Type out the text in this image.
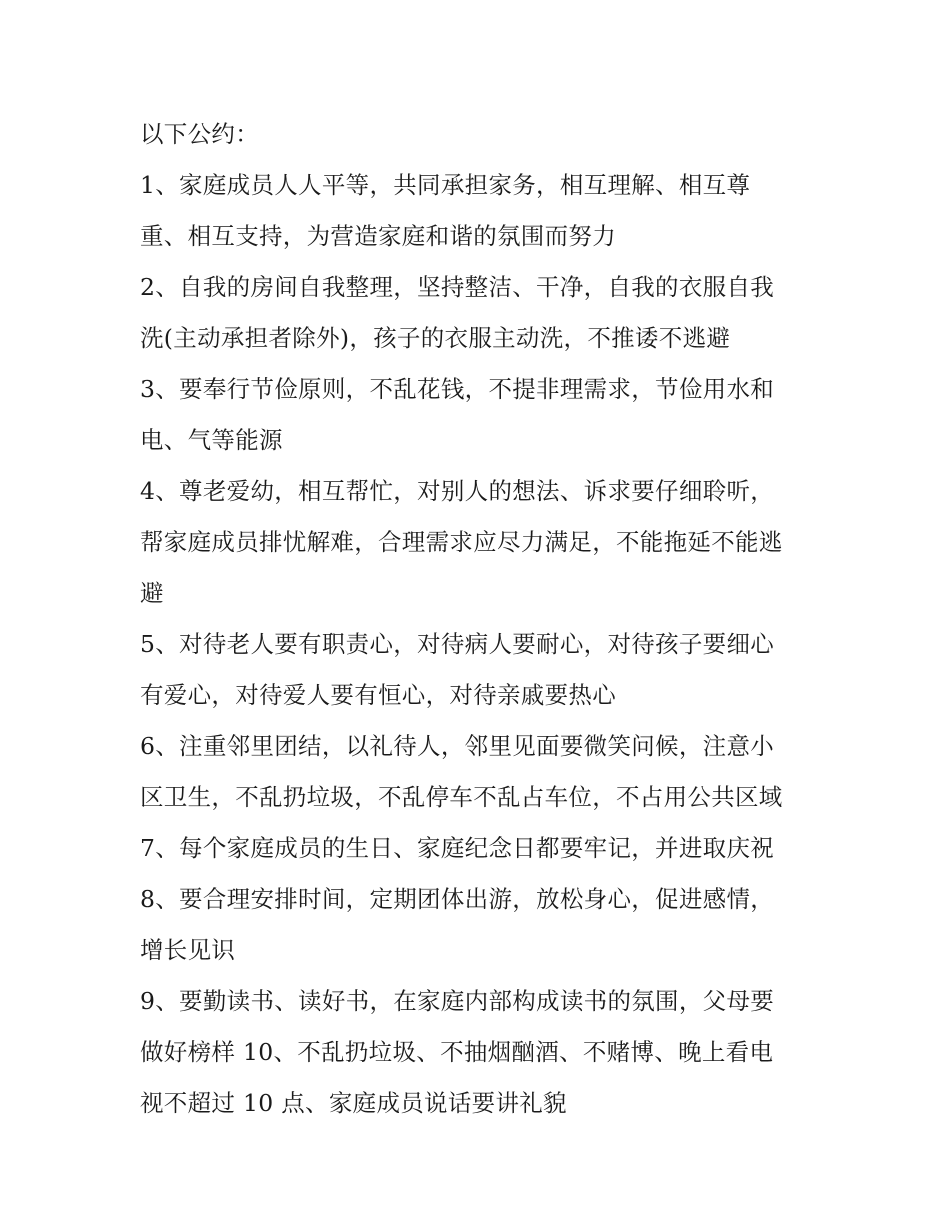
以下公约：
1、家庭成员人人平等，共同承担家务，相互理解、相互尊
重、相互支持，为营造家庭和谐的氛围而努力
2、自我的房间自我整理，坚持整洁、干净，自我的衣服自我
洗(主动承担者除外)，孩子的衣服主动洗，不推诿不逃避
3、要奉行节俭原则，不乱花钱，不提非理需求，节俭用水和
电、气等能源
4、尊老爱幼，相互帮忙，对别人的想法、诉求要仔细聆听，
帮家庭成员排忧解难，合理需求应尽力满足，不能拖延不能逃
避
5、对待老人要有职责心，对待病人要耐心，对待孩子要细心
有爱心，对待爱人要有恒心，对待亲戚要热心
6、注重邻里团结，以礼待人，邻里见面要微笑问候，注意小
区卫生，不乱扔垃圾，不乱停车不乱占车位，不占用公共区域
7、每个家庭成员的生日、家庭纪念日都要牢记，并进取庆祝
8、要合理安排时间，定期团体出游，放松身心，促进感情，
增长见识
9、要勤读书、读好书，在家庭内部构成读书的氛围，父母要
做好榜样 10、不乱扔垃圾、不抽烟酗酒、不赌博、晚上看电
视不超过 10 点、家庭成员说话要讲礼貌
